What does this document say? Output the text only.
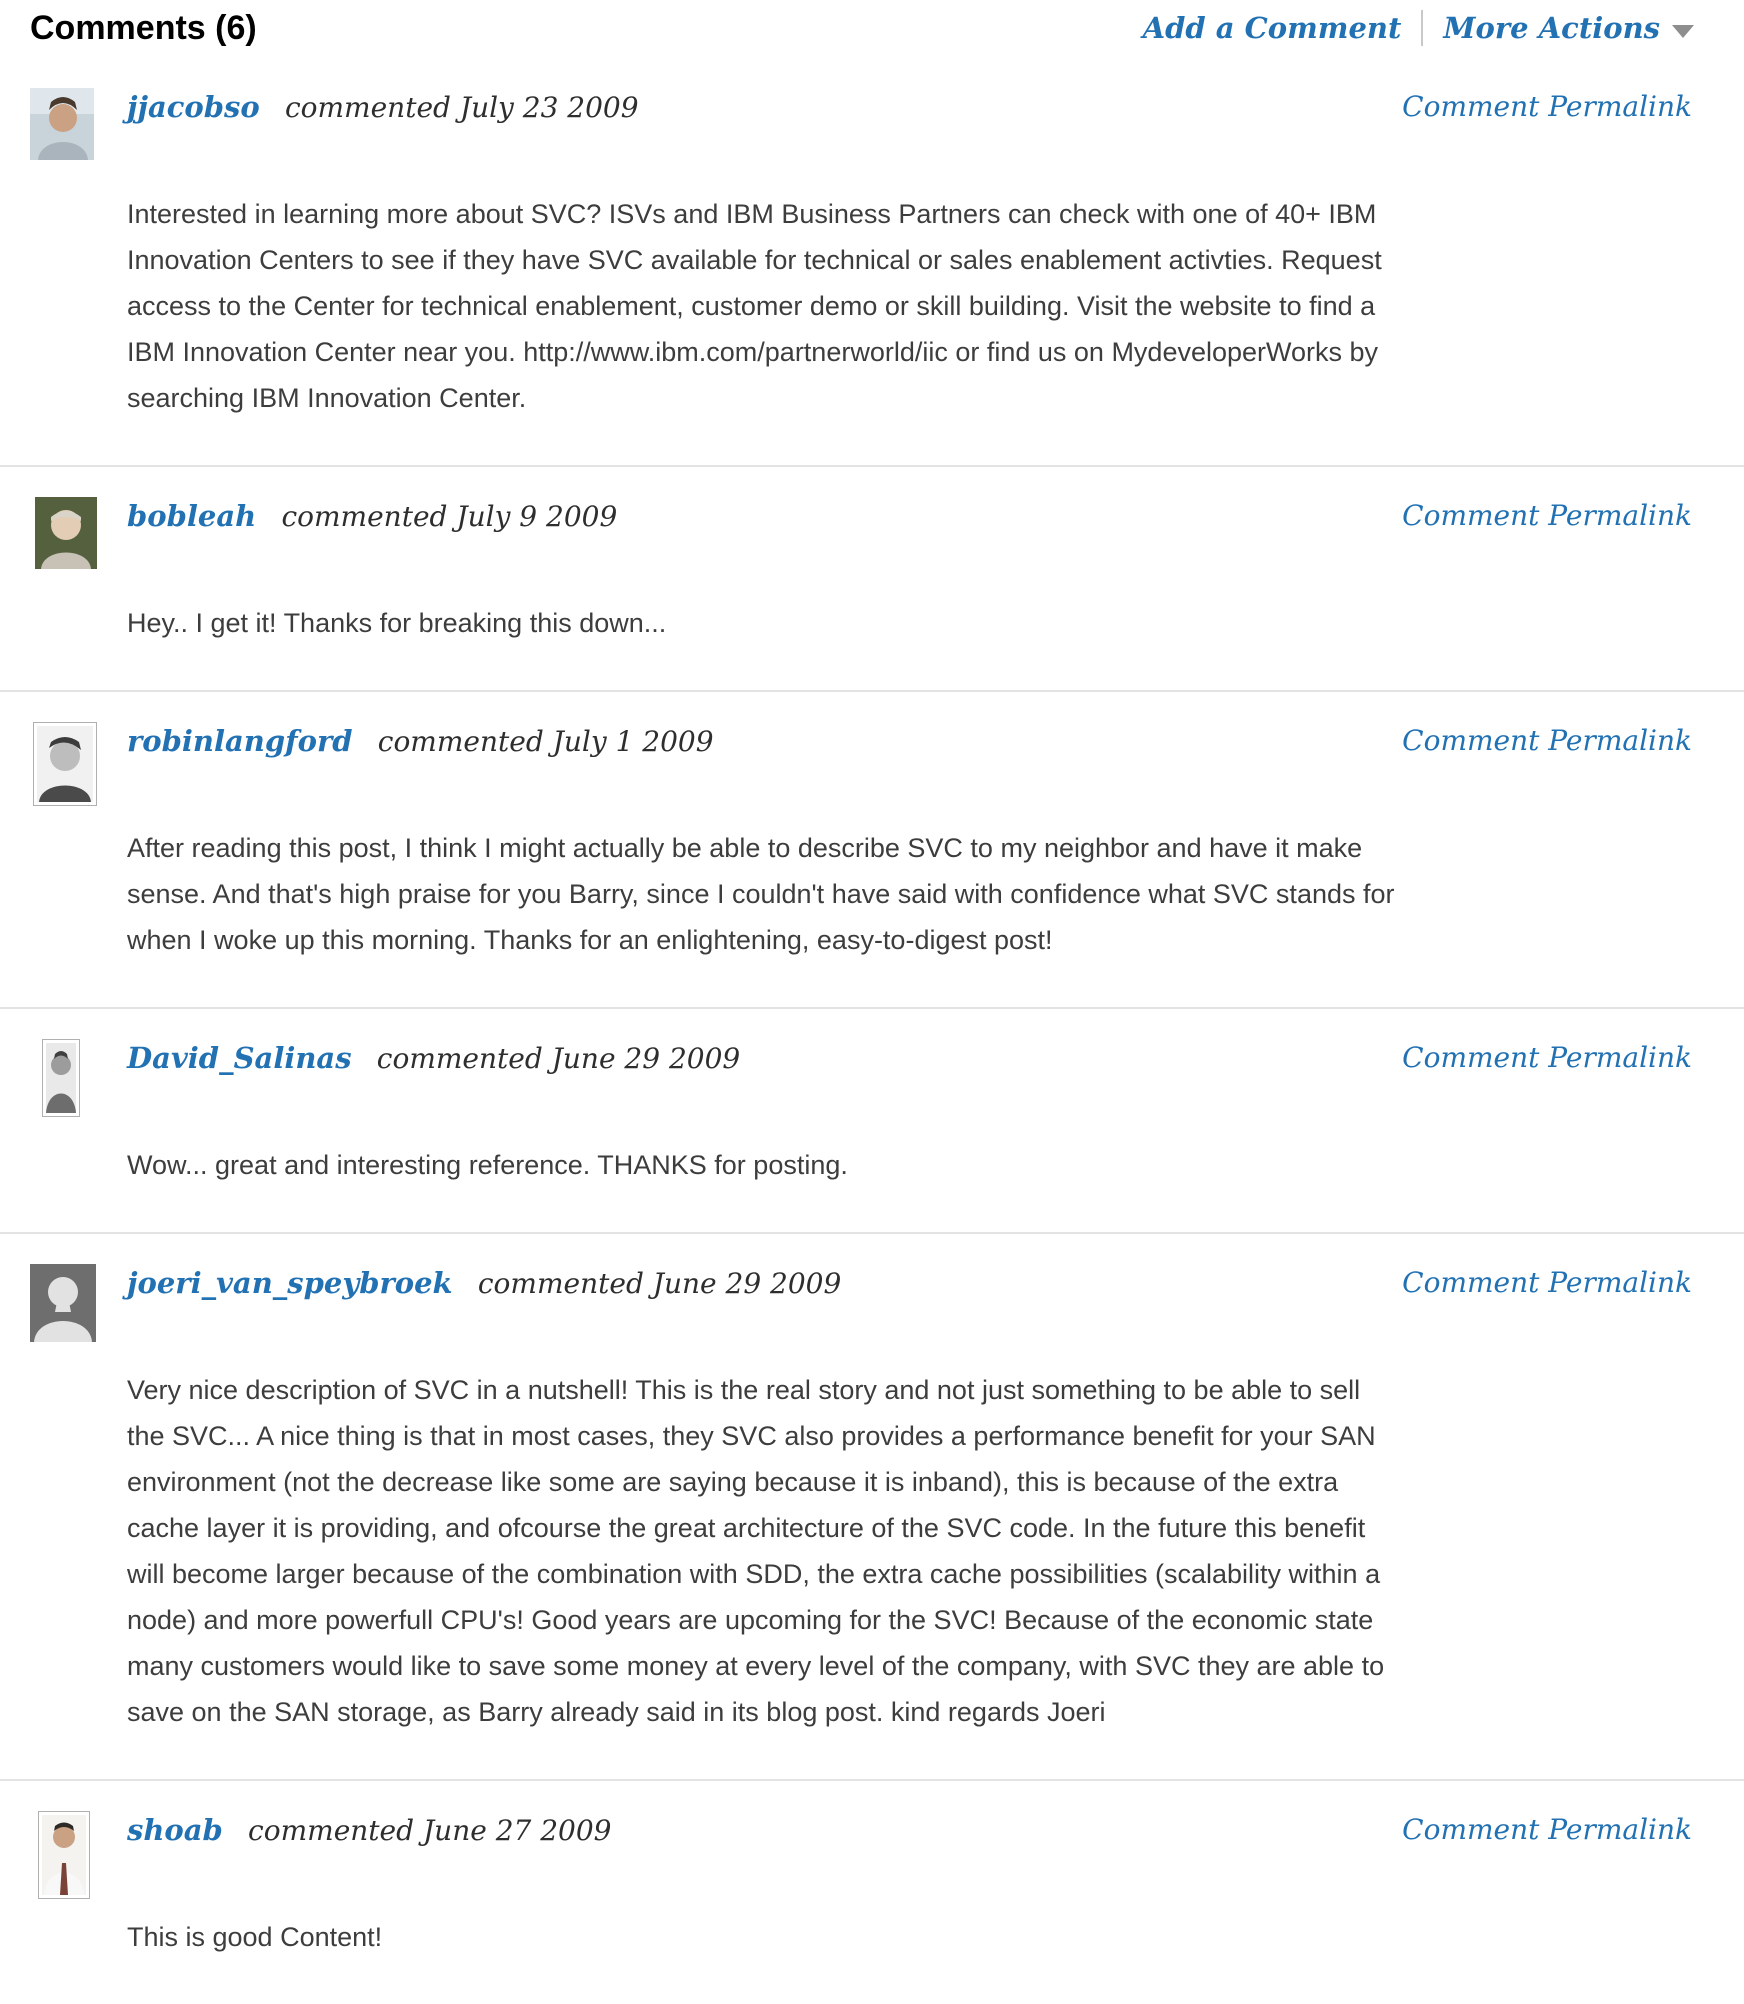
Comments (6)	Add a Comment More Actions
jjacobso commented July 23 2009
Interested in learning more about SVC? ISVs and IBM Business Partners can check with one of 40+ IBM Innovation Centers to see if they have SVC available for technical or sales enablement activties. Request access to the Center for technical enablement, customer demo or skill building. Visit the website to find a IBM Innovation Center near you. http://www.ibm.com/partnerworld/iic or find us on MydeveloperWorks by searching IBM Innovation Center.
Comment Permalink
bobleah commented July 9 2009
Hey.. I get it! Thanks for breaking this down...
Comment Permalink
robinlangford commented July 1 2009
After reading this post, I think I might actually be able to describe SVC to my neighbor and have it make sense. And that's high praise for you Barry, since I couldn't have said with confidence what SVC stands for when I woke up this morning. Thanks for an enlightening, easy-to-digest post!
Comment Permalink
David_Salinas commented June 29 2009
Wow... great and interesting reference. THANKS for posting.
Comment Permalink
joeri_van_speybroek commented June 29 2009
Very nice description of SVC in a nutshell! This is the real story and not just something to be able to sell the SVC... A nice thing is that in most cases, they SVC also provides a performance benefit for your SAN environment (not the decrease like some are saying because it is inband), this is because of the extra cache layer it is providing, and ofcourse the great architecture of the SVC code. In the future this benefit will become larger because of the combination with SDD, the extra cache possibilities (scalability within a node) and more powerfull CPU's! Good years are upcoming for the SVC! Because of the economic state many customers would like to save some money at every level of the company, with SVC they are able to save on the SAN storage, as Barry already said in its blog post. kind regards Joeri
Comment Permalink
shoab commented June 27 2009
This is good Content!
Comment Permalink
